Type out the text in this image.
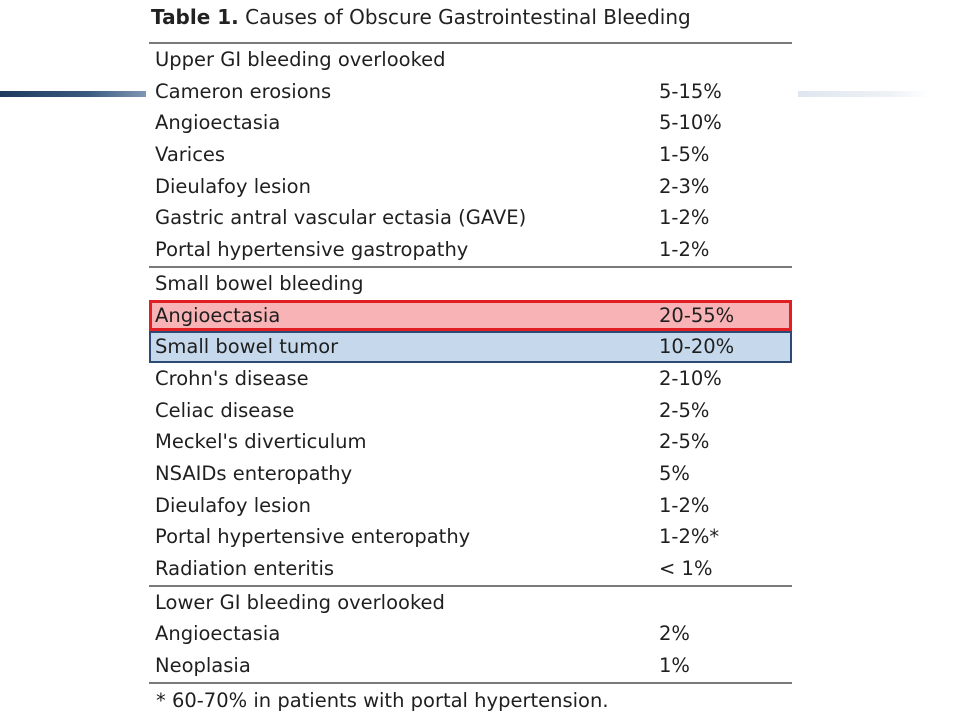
Table 1. Causes of Obscure Gastrointestinal Bleeding
Upper GI bleeding overlooked
Cameron erosions	5-15%
Angioectasia	5-10%
Varices	1-5%
Dieulafoy lesion	2-3%
Gastric antral vascular ectasia (GAVE)	1-2%
Portal hypertensive gastropathy	1-2%
Small bowel bleeding
Angioectasia	20-55%
Small bowel tumor	10-20%
Crohn's disease	2-10%
Celiac disease	2-5%
Meckel's diverticulum	2-5%
NSAIDs enteropathy	5%
Dieulafoy lesion	1-2%
Portal hypertensive enteropathy	1-2%*
Radiation enteritis	< 1%
Lower GI bleeding overlooked
Angioectasia	2%
Neoplasia	1%
* 60-70% in patients with portal hypertension.
